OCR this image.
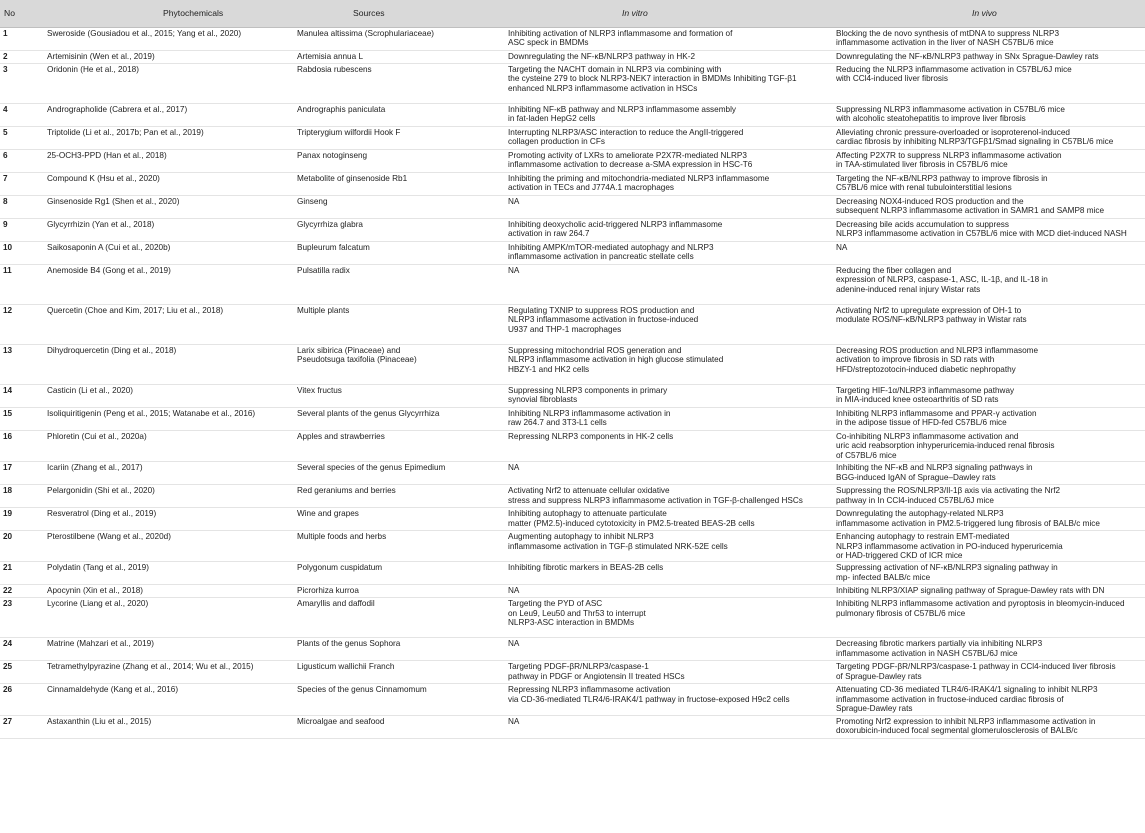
No	Phytochemicals	Sources	In vitro	In vivo
1	Sweroside (Gousiadou et al., 2015; Yang et al., 2020)	Manulea altissima (Scrophulariaceae)	Inhibiting activation of NLRP3 inflammasome and formation of
ASC speck in BMDMs	Blocking the de novo synthesis of mtDNA to suppress NLRP3
inflammasome activation in the liver of NASH C57BL/6 mice
2	Artemisinin (Wen et al., 2019)	Artemisia annua L	Downregulating the NF-κB/NLRP3 pathway in HK-2	Downregulating the NF-κB/NLRP3 pathway in SNx Sprague-Dawley rats
3	Oridonin (He et al., 2018)	Rabdosia rubescens	Targeting the NACHT domain in NLRP3 via combining with
the cysteine 279 to block NLRP3-NEK7 interaction in BMDMs Inhibiting TGF-β1
enhanced NLRP3 inflammasome activation in HSCs	Reducing the NLRP3 inflammasome activation in C57BL/6J mice
with CCl4-induced liver fibrosis
4	Andrographolide (Cabrera et al., 2017)	Andrographis paniculata	Inhibiting NF-κB pathway and NLRP3 inflammasome assembly
in fat-laden HepG2 cells	Suppressing NLRP3 inflammasome activation in C57BL/6 mice
with alcoholic steatohepatitis to improve liver fibrosis
5	Triptolide (Li et al., 2017b; Pan et al., 2019)	Tripterygium wilfordii Hook F	Interrupting NLRP3/ASC interaction to reduce the AngII-triggered
collagen production in CFs	Alleviating chronic pressure-overloaded or isoproterenol-induced
cardiac fibrosis by inhibiting NLRP3/TGFβ1/Smad signaling in C57BL/6 mice
6	25-OCH3-PPD (Han et al., 2018)	Panax notoginseng	Promoting activity of LXRs to ameliorate P2X7R-mediated NLRP3
inflammasome activation to decrease a-SMA expression in HSC-T6	Affecting P2X7R to suppress NLRP3 inflammasome activation
in TAA-stimulated liver fibrosis in C57BL/6 mice
7	Compound K (Hsu et al., 2020)	Metabolite of ginsenoside Rb1	Inhibiting the priming and mitochondria-mediated NLRP3 inflammasome
activation in TECs and J774A.1 macrophages	Targeting the NF-κB/NLRP3 pathway to improve fibrosis in
C57BL/6 mice with renal tubulointerstitial lesions
8	Ginsenoside Rg1 (Shen et al., 2020)	Ginseng	NA	Decreasing NOX4-induced ROS production and the
subsequent NLRP3 inflammasome activation in SAMR1 and SAMP8 mice
9	Glycyrrhizin (Yan et al., 2018)	Glycyrrhiza glabra	Inhibiting deoxycholic acid-triggered NLRP3 inflammasome
activation in raw 264.7	Decreasing bile acids accumulation to suppress
NLRP3 inflammasome activation in C57BL/6 mice with MCD diet-induced NASH
10	Saikosaponin A (Cui et al., 2020b)	Bupleurum falcatum	Inhibiting AMPK/mTOR-mediated autophagy and NLRP3
inflammasome activation in pancreatic stellate cells	NA
11	Anemoside B4 (Gong et al., 2019)	Pulsatilla radix	NA	Reducing the fiber collagen and
expression of NLRP3, caspase-1, ASC, IL-1β, and IL-18 in
adenine-induced renal injury Wistar rats
12	Quercetin (Choe and Kim, 2017; Liu et al., 2018)	Multiple plants	Regulating TXNIP to suppress ROS production and
NLRP3 inflammasome activation in fructose-induced
U937 and THP-1 macrophages	Activating Nrf2 to upregulate expression of OH-1 to
modulate ROS/NF-κB/NLRP3 pathway in Wistar rats
13	Dihydroquercetin (Ding et al., 2018)	Larix sibirica (Pinaceae) and
Pseudotsuga taxifolia (Pinaceae)	Suppressing mitochondrial ROS generation and
NLRP3 inflammasome activation in high glucose stimulated
HBZY-1 and HK2 cells	Decreasing ROS production and NLRP3 inflammasome
activation to improve fibrosis in SD rats with
HFD/streptozotocin-induced diabetic nephropathy
14	Casticin (Li et al., 2020)	Vitex fructus	Suppressing NLRP3 components in primary
synovial fibroblasts	Targeting HIF-1α/NLRP3 inflammasome pathway
in MIA-induced knee osteoarthritis of SD rats
15	Isoliquiritigenin (Peng et al., 2015; Watanabe et al., 2016)	Several plants of the genus Glycyrrhiza	Inhibiting NLRP3 inflammasome activation in
raw 264.7 and 3T3-L1 cells	Inhibiting NLRP3 inflammasome and PPAR-γ activation
in the adipose tissue of HFD-fed C57BL/6 mice
16	Phloretin (Cui et al., 2020a)	Apples and strawberries	Repressing NLRP3 components in HK-2 cells	Co-inhibiting NLRP3 inflammasome activation and
uric acid reabsorption inhyperuricemia-induced renal fibrosis
of C57BL/6 mice
17	Icariin (Zhang et al., 2017)	Several species of the genus Epimedium	NA	Inhibiting the NF-κB and NLRP3 signaling pathways in
BGG-induced IgAN of Sprague–Dawley rats
18	Pelargonidin (Shi et al., 2020)	Red geraniums and berries	Activating Nrf2 to attenuate cellular oxidative
stress and suppress NLRP3 inflammasome activation in TGF-β-challenged HSCs	Suppressing the ROS/NLRP3/Il-1β axis via activating the Nrf2
pathway in In CCl4-induced C57BL/6J mice
19	Resveratrol (Ding et al., 2019)	Wine and grapes	Inhibiting autophagy to attenuate particulate
matter (PM2.5)-induced cytotoxicity in PM2.5-treated BEAS-2B cells	Downregulating the autophagy-related NLRP3
inflammasome activation in PM2.5-triggered lung fibrosis of BALB/c mice
20	Pterostilbene (Wang et al., 2020d)	Multiple foods and herbs	Augmenting autophagy to inhibit NLRP3
inflammasome activation in TGF-β stimulated NRK-52E cells	Enhancing autophagy to restrain EMT-mediated
NLRP3 inflammasome activation in PO-induced hyperuricemia
or HAD-triggered CKD of ICR mice
21	Polydatin (Tang et al., 2019)	Polygonum cuspidatum	Inhibiting fibrotic markers in BEAS-2B cells	Suppressing activation of NF-κB/NLRP3 signaling pathway in
mp- infected BALB/c mice
22	Apocynin (Xin et al., 2018)	Picrorhiza kurroa	NA	Inhibiting NLRP3/XIAP signaling pathway of Sprague-Dawley rats with DN
23	Lycorine (Liang et al., 2020)	Amaryllis and daffodil	Targeting the PYD of ASC
on Leu9, Leu50 and Thr53 to interrupt
NLRP3-ASC interaction in BMDMs	Inhibiting NLRP3 inflammasome activation and pyroptosis in bleomycin-induced
pulmonary fibrosis of C57BL/6 mice
24	Matrine (Mahzari et al., 2019)	Plants of the genus Sophora	NA	Decreasing fibrotic markers partially via inhibiting NLRP3
inflammasome activation in NASH C57BL/6J mice
25	Tetramethylpyrazine (Zhang et al., 2014; Wu et al., 2015)	Ligusticum wallichii Franch	Targeting PDGF-βR/NLRP3/caspase-1
pathway in PDGF or Angiotensin II treated HSCs	Targeting PDGF-βR/NLRP3/caspase-1 pathway in CCl4-induced liver fibrosis
of Sprague-Dawley rats
26	Cinnamaldehyde (Kang et al., 2016)	Species of the genus Cinnamomum	Repressing NLRP3 inflammasome activation
via CD-36-mediated TLR4/6-IRAK4/1 pathway in fructose-exposed H9c2 cells	Attenuating CD-36 mediated TLR4/6-IRAK4/1 signaling to inhibit NLRP3
inflammasome activation in fructose-induced cardiac fibrosis of
Sprague-Dawley rats
27	Astaxanthin (Liu et al., 2015)	Microalgae and seafood	NA	Promoting Nrf2 expression to inhibit NLRP3 inflammasome activation in
doxorubicin-induced focal segmental glomerulosclerosis of BALB/c
